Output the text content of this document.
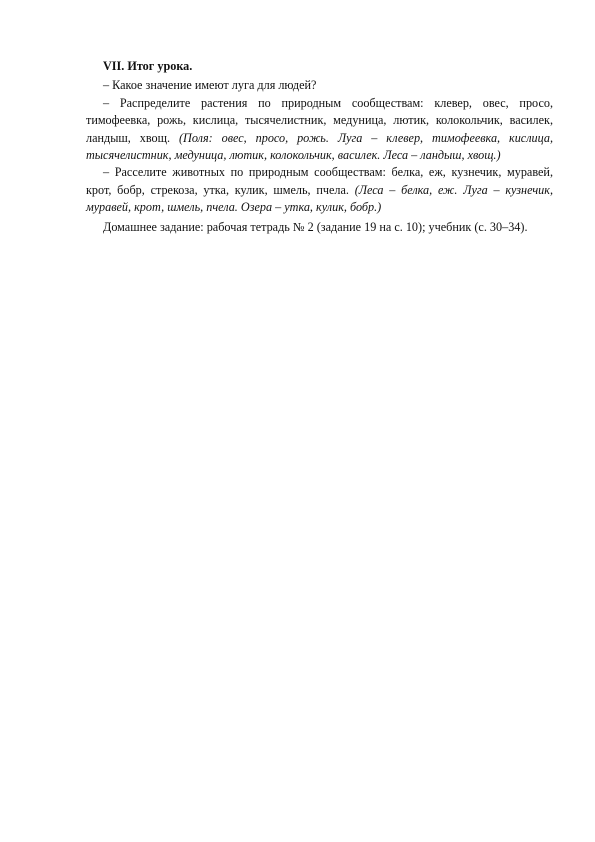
VII. Итог урока.

– Какое значение имеют луга для людей?

– Распределите растения по природным сообществам: клевер, овес, просо, тимофеевка, рожь, кислица, тысячелистник, медуница, лютик, колокольчик, василек, ландыш, хвощ. (Поля: овес, просо, рожь. Луга – клевер, тимофеевка, кислица, тысячелистник, медуница, лютик, колокольчик, василек. Леса – ландыш, хвощ.)

– Расселите животных по природным сообществам: белка, еж, кузнечик, муравей, крот, бобр, стрекоза, утка, кулик, шмель, пчела. (Леса – белка, еж. Луга – кузнечик, муравей, крот, шмель, пчела. Озера – утка, кулик, бобр.)

Домашнее задание: рабочая тетрадь № 2 (задание 19 на с. 10); учебник (с. 30–34).
